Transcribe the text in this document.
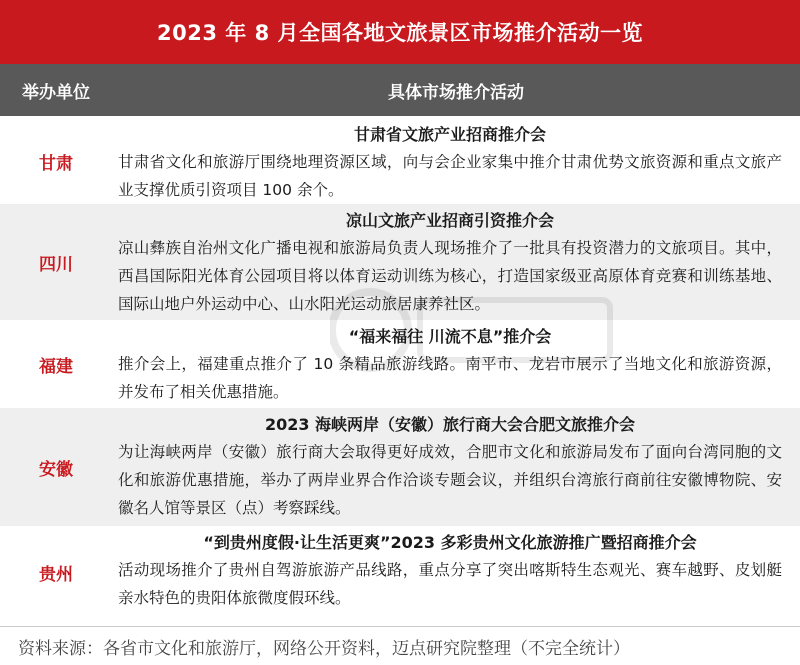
2023 年 8 月全国各地文旅景区市场推介活动一览
举办单位	具体市场推介活动
甘肃
甘肃省文旅产业招商推介会
甘肃省文化和旅游厅围绕地理资源区域，向与会企业家集中推介甘肃优势文旅资源和重点文旅产业支撑优质引资项目 100 余个。
四川
凉山文旅产业招商引资推介会
凉山彝族自治州文化广播电视和旅游局负责人现场推介了一批具有投资潜力的文旅项目。其中，西昌国际阳光体育公园项目将以体育运动训练为核心，打造国家级亚高原体育竞赛和训练基地、国际山地户外运动中心、山水阳光运动旅居康养社区。
福建
“福来福往 川流不息”推介会
推介会上，福建重点推介了 10 条精品旅游线路。南平市、龙岩市展示了当地文化和旅游资源，并发布了相关优惠措施。
安徽
2023 海峡两岸（安徽）旅行商大会合肥文旅推介会
为让海峡两岸（安徽）旅行商大会取得更好成效，合肥市文化和旅游局发布了面向台湾同胞的文化和旅游优惠措施，举办了两岸业界合作洽谈专题会议，并组织台湾旅行商前往安徽博物院、安徽名人馆等景区（点）考察踩线。
贵州
“到贵州度假·让生活更爽”2023 多彩贵州文化旅游推广暨招商推介会
活动现场推介了贵州自驾游旅游产品线路，重点分享了突出喀斯特生态观光、赛车越野、皮划艇亲水特色的贵阳体旅微度假环线。
资料来源：各省市文化和旅游厅，网络公开资料，迈点研究院整理（不完全统计）
